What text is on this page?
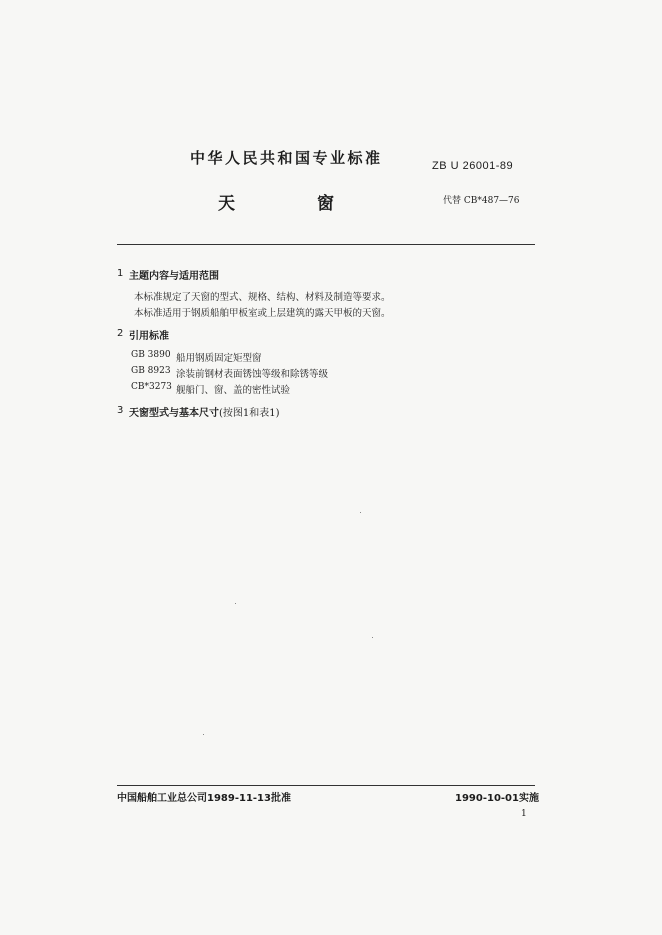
中华人民共和国专业标准	ZB U 26001-89
天	窗	代替 CB*487—76
1 主题内容与适用范围
本标准规定了天窗的型式、规格、结构、材料及制造等要求。
本标准适用于钢质船舶甲板室或上层建筑的露天甲板的天窗。
2 引用标准
GB 3890 船用钢质固定矩型窗
GB 8923 涂装前钢材表面锈蚀等级和除锈等级
CB*3273 舰船门、窗、盖的密性试验
3 天窗型式与基本尺寸(按图1和表1)
中国船舶工业总公司1989-11-13批准	1990-10-01实施
1
